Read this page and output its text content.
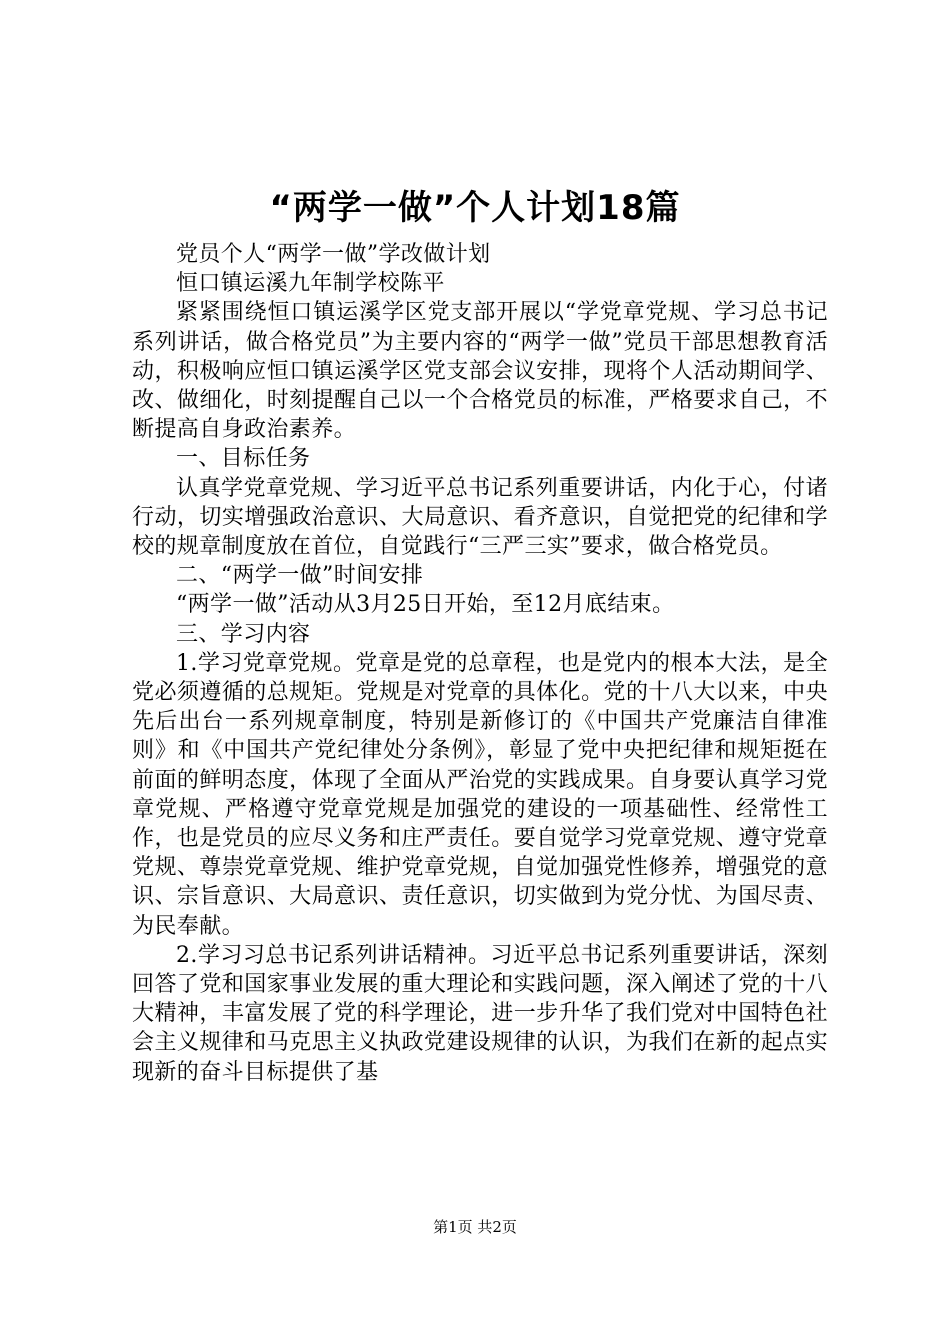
“两学一做”个人计划18篇

党员个人“两学一做”学改做计划

恒口镇运溪九年制学校陈平

紧紧围绕恒口镇运溪学区党支部开展以“学党章党规、学习总书记系列讲话，做合格党员”为主要内容的“两学一做”党员干部思想教育活动，积极响应恒口镇运溪学区党支部会议安排，现将个人活动期间学、改、做细化，时刻提醒自己以一个合格党员的标准，严格要求自己，不断提高自身政治素养。

一、目标任务

认真学党章党规、学习近平总书记系列重要讲话，内化于心，付诸行动，切实增强政治意识、大局意识、看齐意识，自觉把党的纪律和学校的规章制度放在首位，自觉践行“三严三实”要求，做合格党员。

二、“两学一做”时间安排

“两学一做”活动从3月25日开始，至12月底结束。

三、学习内容

1.学习党章党规。党章是党的总章程，也是党内的根本大法，是全党必须遵循的总规矩。党规是对党章的具体化。党的十八大以来，中央先后出台一系列规章制度，特别是新修订的《中国共产党廉洁自律准则》和《中国共产党纪律处分条例》，彰显了党中央把纪律和规矩挺在前面的鲜明态度，体现了全面从严治党的实践成果。自身要认真学习党章党规、严格遵守党章党规是加强党的建设的一项基础性、经常性工作，也是党员的应尽义务和庄严责任。要自觉学习党章党规、遵守党章党规、尊崇党章党规、维护党章党规，自觉加强党性修养，增强党的意识、宗旨意识、大局意识、责任意识，切实做到为党分忧、为国尽责、为民奉献。

2.学习习总书记系列讲话精神。习近平总书记系列重要讲话，深刻回答了党和国家事业发展的重大理论和实践问题，深入阐述了党的十八大精神，丰富发展了党的科学理论，进一步升华了我们党对中国特色社会主义规律和马克思主义执政党建设规律的认识，为我们在新的起点实现新的奋斗目标提供了基

第1页 共2页
